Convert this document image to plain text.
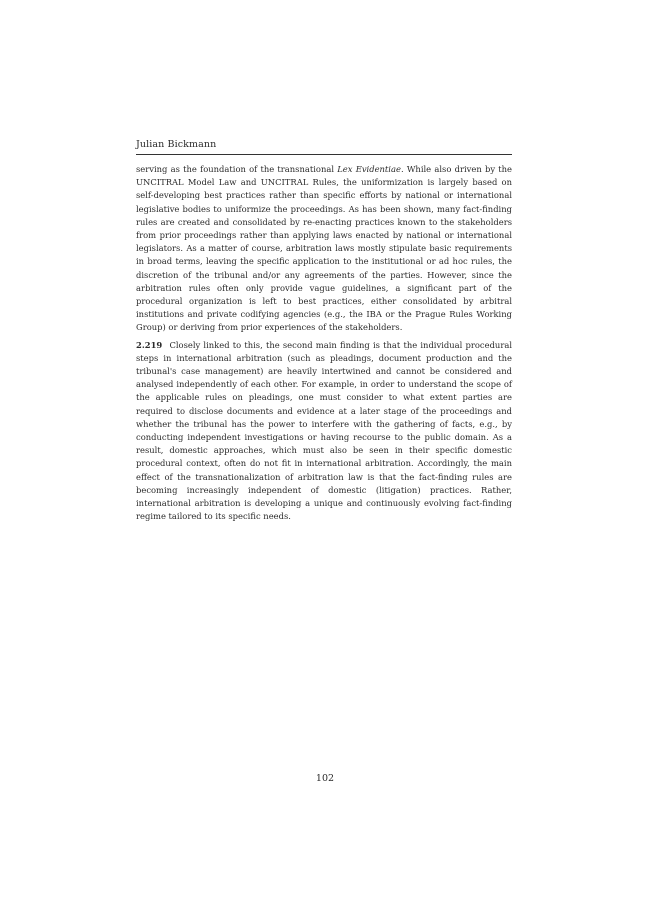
Julian Bickmann

serving as the foundation of the transnational Lex Evidentiae. While also driven by the UNCITRAL Model Law and UNCITRAL Rules, the uniformization is largely based on self-developing best practices rather than specific efforts by national or international legislative bodies to uniformize the proceedings. As has been shown, many fact-finding rules are created and consolidated by re-enacting practices known to the stakeholders from prior proceedings rather than applying laws enacted by national or international legislators. As a matter of course, arbitration laws mostly stipulate basic requirements in broad terms, leaving the specific application to the institutional or ad hoc rules, the discretion of the tribunal and/or any agreements of the parties. However, since the arbitration rules often only provide vague guidelines, a significant part of the procedural organization is left to best practices, either consolidated by arbitral institutions and private codifying agencies (e.g., the IBA or the Prague Rules Working Group) or deriving from prior experiences of the stakeholders.

2.219 Closely linked to this, the second main finding is that the individual procedural steps in international arbitration (such as pleadings, document production and the tribunal's case management) are heavily intertwined and cannot be considered and analysed independently of each other. For example, in order to understand the scope of the applicable rules on pleadings, one must consider to what extent parties are required to disclose documents and evidence at a later stage of the proceedings and whether the tribunal has the power to interfere with the gathering of facts, e.g., by conducting independent investigations or having recourse to the public domain. As a result, domestic approaches, which must also be seen in their specific domestic procedural context, often do not fit in international arbitration. Accordingly, the main effect of the transnationalization of arbitration law is that the fact-finding rules are becoming increasingly independent of domestic (litigation) practices. Rather, international arbitration is developing a unique and continuously evolving fact-finding regime tailored to its specific needs.

102
